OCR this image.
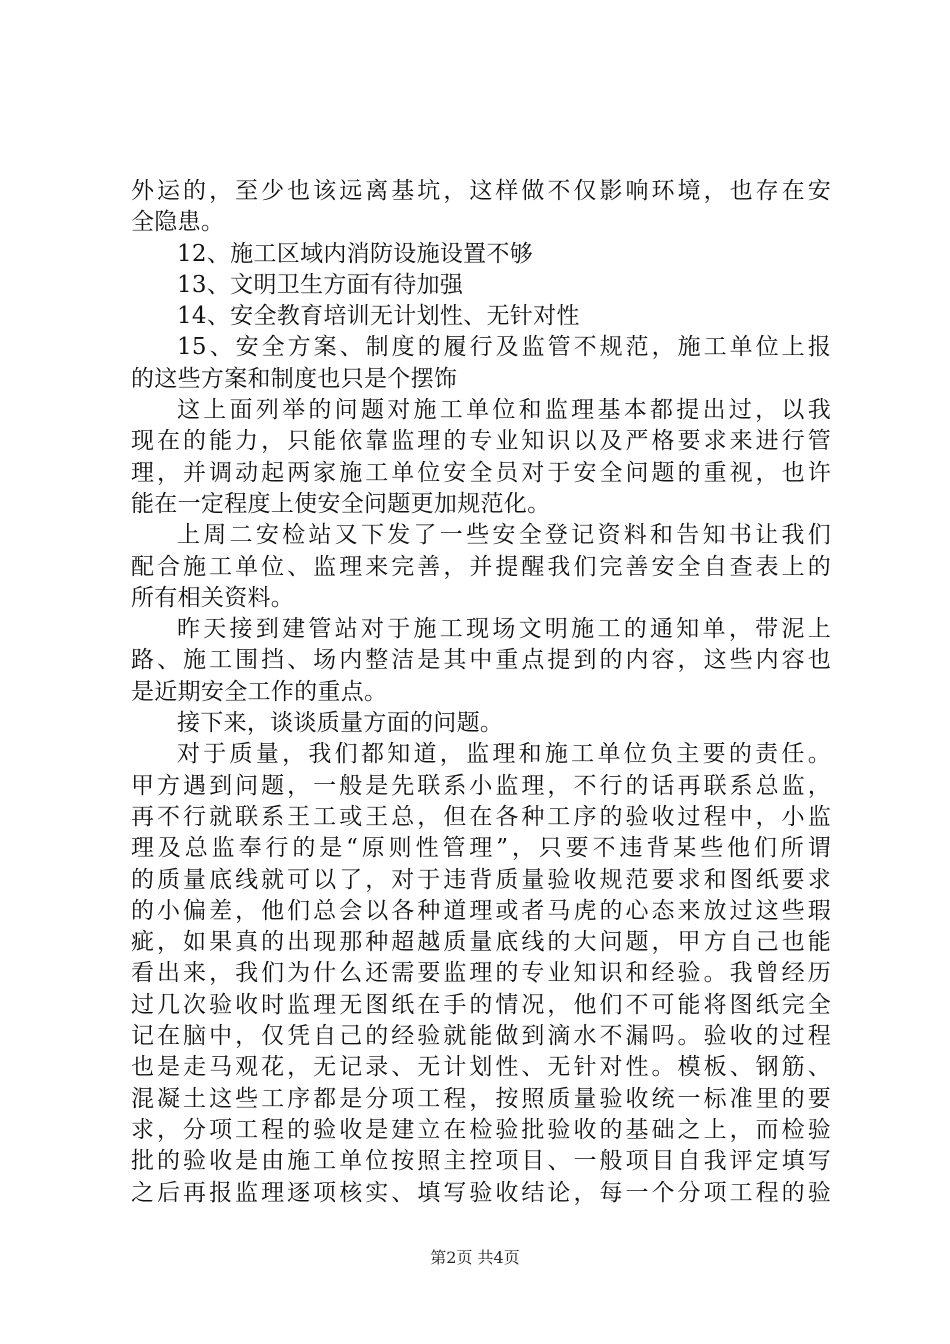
外运的，至少也该远离基坑，这样做不仅影响环境，也存在安
全隐患。
12、施工区域内消防设施设置不够
13、文明卫生方面有待加强
14、安全教育培训无计划性、无针对性
15、安全方案、制度的履行及监管不规范，施工单位上报
的这些方案和制度也只是个摆饰
这上面列举的问题对施工单位和监理基本都提出过，以我
现在的能力，只能依靠监理的专业知识以及严格要求来进行管
理，并调动起两家施工单位安全员对于安全问题的重视，也许
能在一定程度上使安全问题更加规范化。
上周二安检站又下发了一些安全登记资料和告知书让我们
配合施工单位、监理来完善，并提醒我们完善安全自查表上的
所有相关资料。
昨天接到建管站对于施工现场文明施工的通知单，带泥上
路、施工围挡、场内整洁是其中重点提到的内容，这些内容也
是近期安全工作的重点。
接下来，谈谈质量方面的问题。
对于质量，我们都知道，监理和施工单位负主要的责任。
甲方遇到问题，一般是先联系小监理，不行的话再联系总监，
再不行就联系王工或王总，但在各种工序的验收过程中，小监
理及总监奉行的是“原则性管理”，只要不违背某些他们所谓
的质量底线就可以了，对于违背质量验收规范要求和图纸要求
的小偏差，他们总会以各种道理或者马虎的心态来放过这些瑕
疵，如果真的出现那种超越质量底线的大问题，甲方自己也能
看出来，我们为什么还需要监理的专业知识和经验。我曾经历
过几次验收时监理无图纸在手的情况，他们不可能将图纸完全
记在脑中，仅凭自己的经验就能做到滴水不漏吗。验收的过程
也是走马观花，无记录、无计划性、无针对性。模板、钢筋、
混凝土这些工序都是分项工程，按照质量验收统一标准里的要
求，分项工程的验收是建立在检验批验收的基础之上，而检验
批的验收是由施工单位按照主控项目、一般项目自我评定填写
之后再报监理逐项核实、填写验收结论，每一个分项工程的验
第2页 共4页
